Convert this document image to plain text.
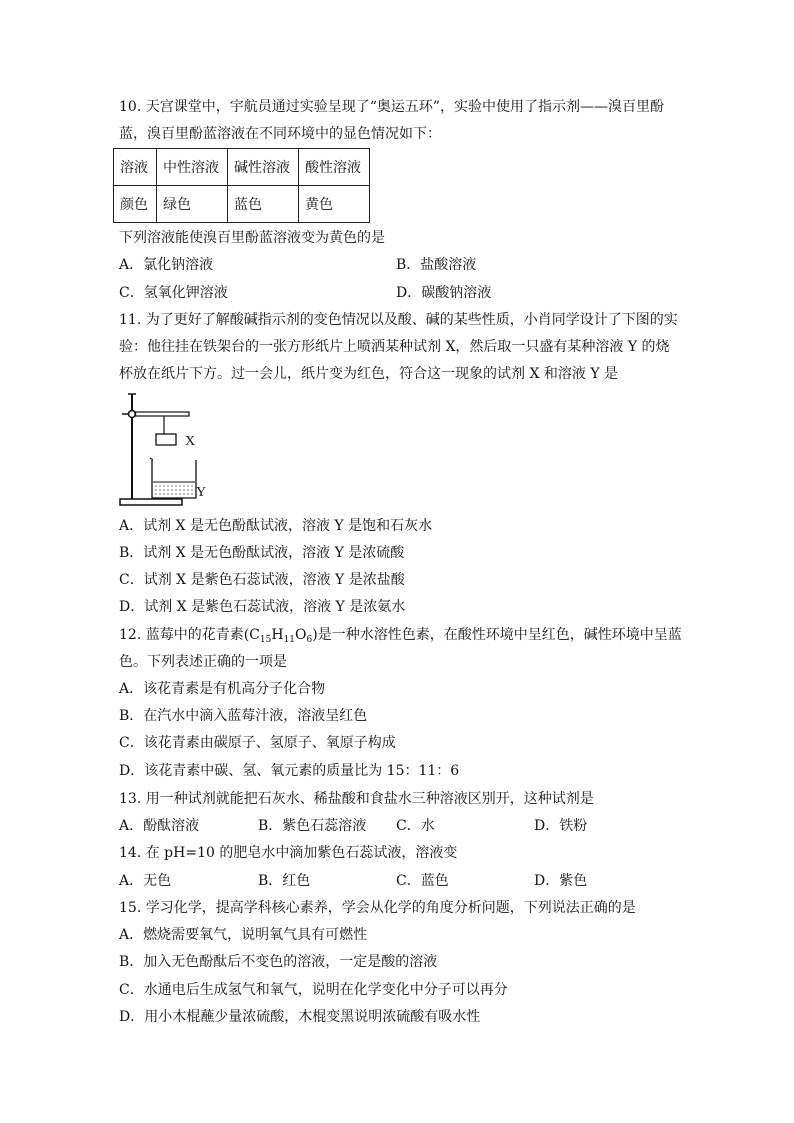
10. 天宫课堂中，宇航员通过实验呈现了“奥运五环”，实验中使用了指示剂——溴百里酚
蓝，溴百里酚蓝溶液在不同环境中的显色情况如下：
溶液	中性溶液	碱性溶液	酸性溶液
颜色	绿色	蓝色	黄色
下列溶液能使溴百里酚蓝溶液变为黄色的是
A．氯化钠溶液	B．盐酸溶液
C．氢氧化钾溶液	D．碳酸钠溶液
11. 为了更好了解酸碱指示剂的变色情况以及酸、碱的某些性质，小肖同学设计了下图的实
验：他往挂在铁架台的一张方形纸片上喷洒某种试剂 X，然后取一只盛有某种溶液 Y 的烧
杯放在纸片下方。过一会儿，纸片变为红色，符合这一现象的试剂 X 和溶液 Y 是
X
Y
A．试剂 X 是无色酚酞试液，溶液 Y 是饱和石灰水
B．试剂 X 是无色酚酞试液，溶液 Y 是浓硫酸
C．试剂 X 是紫色石蕊试液，溶液 Y 是浓盐酸
D．试剂 X 是紫色石蕊试液，溶液 Y 是浓氨水
12. 蓝莓中的花青素$(C_{15}H_{11}O_6)$是一种水溶性色素，在酸性环境中呈红色，碱性环境中呈蓝
色。下列表述正确的一项是
A．该花青素是有机高分子化合物
B．在汽水中滴入蓝莓汁液，溶液呈红色
C．该花青素由碳原子、氢原子、氧原子构成
D．该花青素中碳、氢、氧元素的质量比为 15：11：6
13. 用一种试剂就能把石灰水、稀盐酸和食盐水三种溶液区别开，这种试剂是
A．酚酞溶液	B．紫色石蕊溶液 C．水	D．铁粉
14. 在 pH=10 的肥皂水中滴加紫色石蕊试液，溶液变
A．无色	B．红色	C．蓝色	D．紫色
15. 学习化学，提高学科核心素养，学会从化学的角度分析问题，下列说法正确的是
A．燃烧需要氧气，说明氧气具有可燃性
B．加入无色酚酞后不变色的溶液，一定是酸的溶液
C．水通电后生成氢气和氧气，说明在化学变化中分子可以再分
D．用小木棍蘸少量浓硫酸，木棍变黑说明浓硫酸有吸水性
